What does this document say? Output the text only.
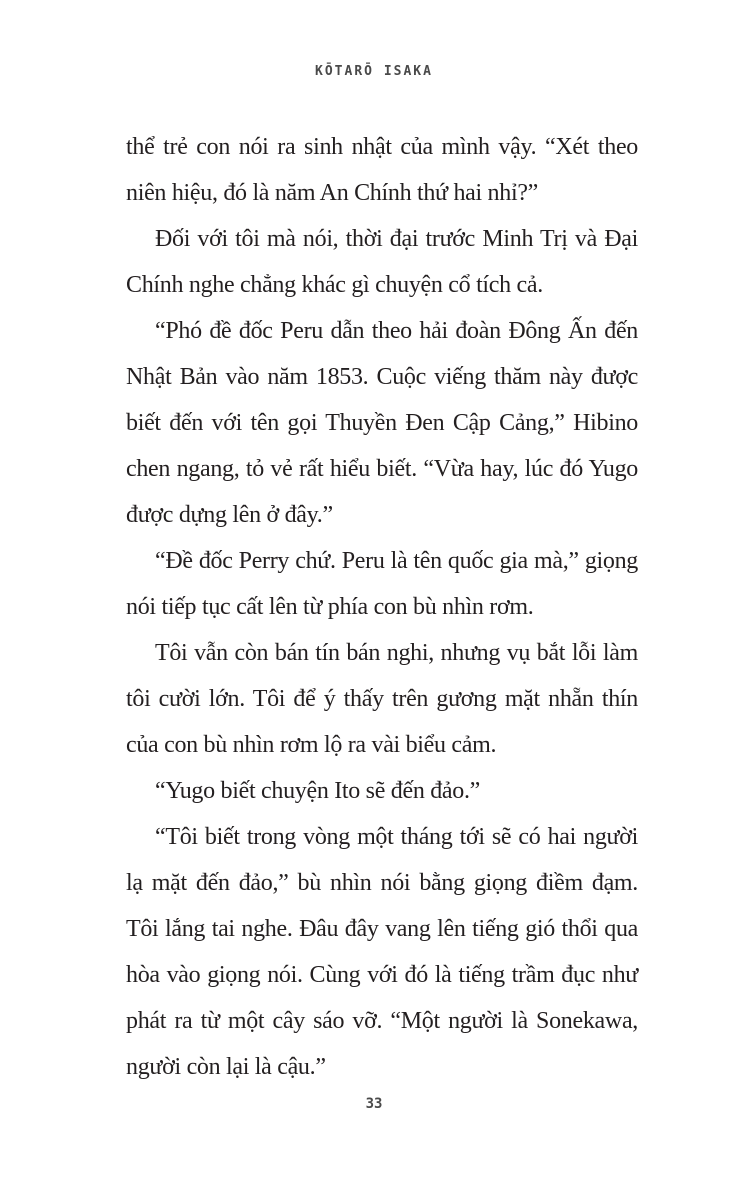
KŌTARŌ ISAKA
thể trẻ con nói ra sinh nhật của mình vậy. “Xét theo
niên hiệu, đó là năm An Chính thứ hai nhỉ?”
Đối với tôi mà nói, thời đại trước Minh Trị và Đại
Chính nghe chẳng khác gì chuyện cổ tích cả.
“Phó đề đốc Peru dẫn theo hải đoàn Đông Ấn đến
Nhật Bản vào năm 1853. Cuộc viếng thăm này được
biết đến với tên gọi Thuyền Đen Cập Cảng,” Hibino
chen ngang, tỏ vẻ rất hiểu biết. “Vừa hay, lúc đó Yugo
được dựng lên ở đây.”
“Đề đốc Perry chứ. Peru là tên quốc gia mà,” giọng
nói tiếp tục cất lên từ phía con bù nhìn rơm.
Tôi vẫn còn bán tín bán nghi, nhưng vụ bắt lỗi làm
tôi cười lớn. Tôi để ý thấy trên gương mặt nhẵn thín
của con bù nhìn rơm lộ ra vài biểu cảm.
“Yugo biết chuyện Ito sẽ đến đảo.”
“Tôi biết trong vòng một tháng tới sẽ có hai người
lạ mặt đến đảo,” bù nhìn nói bằng giọng điềm đạm.
Tôi lắng tai nghe. Đâu đây vang lên tiếng gió thổi qua
hòa vào giọng nói. Cùng với đó là tiếng trầm đục như
phát ra từ một cây sáo vỡ. “Một người là Sonekawa,
người còn lại là cậu.”
33
